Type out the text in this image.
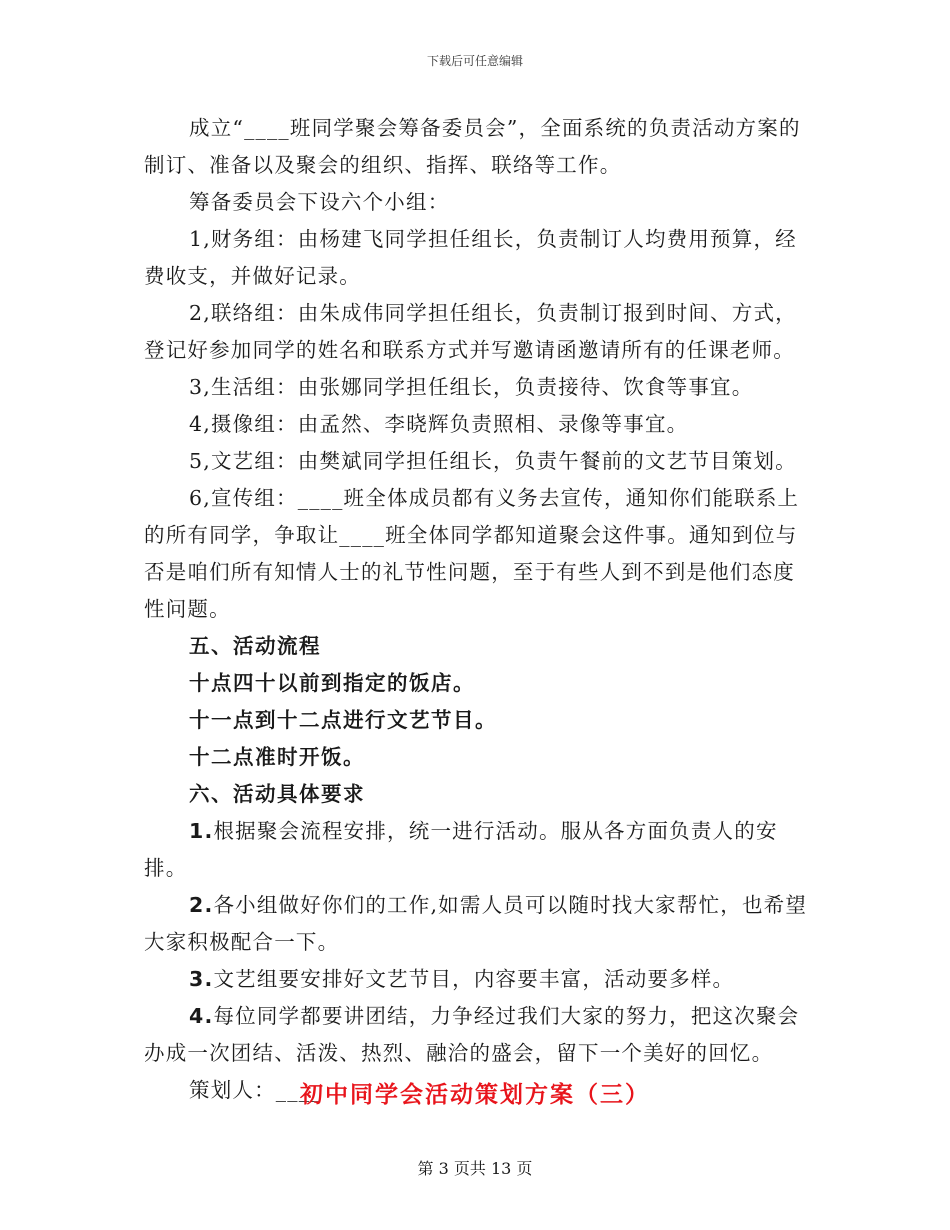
下载后可任意编辑

成立“____班同学聚会筹备委员会”，全面系统的负责活动方案的制订、准备以及聚会的组织、指挥、联络等工作。

筹备委员会下设六个小组：

1,财务组：由杨建飞同学担任组长，负责制订人均费用预算，经费收支，并做好记录。

2,联络组：由朱成伟同学担任组长，负责制订报到时间、方式，登记好参加同学的姓名和联系方式并写邀请函邀请所有的任课老师。

3,生活组：由张娜同学担任组长，负责接待、饮食等事宜。

4,摄像组：由孟然、李晓辉负责照相、录像等事宜。

5,文艺组：由樊斌同学担任组长，负责午餐前的文艺节目策划。

6,宣传组：____班全体成员都有义务去宣传，通知你们能联系上的所有同学，争取让____班全体同学都知道聚会这件事。通知到位与否是咱们所有知情人士的礼节性问题，至于有些人到不到是他们态度性问题。

五、活动流程

十点四十以前到指定的饭店。

十一点到十二点进行文艺节目。

十二点准时开饭。

六、活动具体要求

1.根据聚会流程安排，统一进行活动。服从各方面负责人的安排。

2.各小组做好你们的工作,如需人员可以随时找大家帮忙，也希望大家积极配合一下。

3.文艺组要安排好文艺节目，内容要丰富，活动要多样。

4.每位同学都要讲团结，力争经过我们大家的努力，把这次聚会办成一次团结、活泼、热烈、融洽的盛会，留下一个美好的回忆。

策划人：____

初中同学会活动策划方案（三）
第 3 页共 13 页
